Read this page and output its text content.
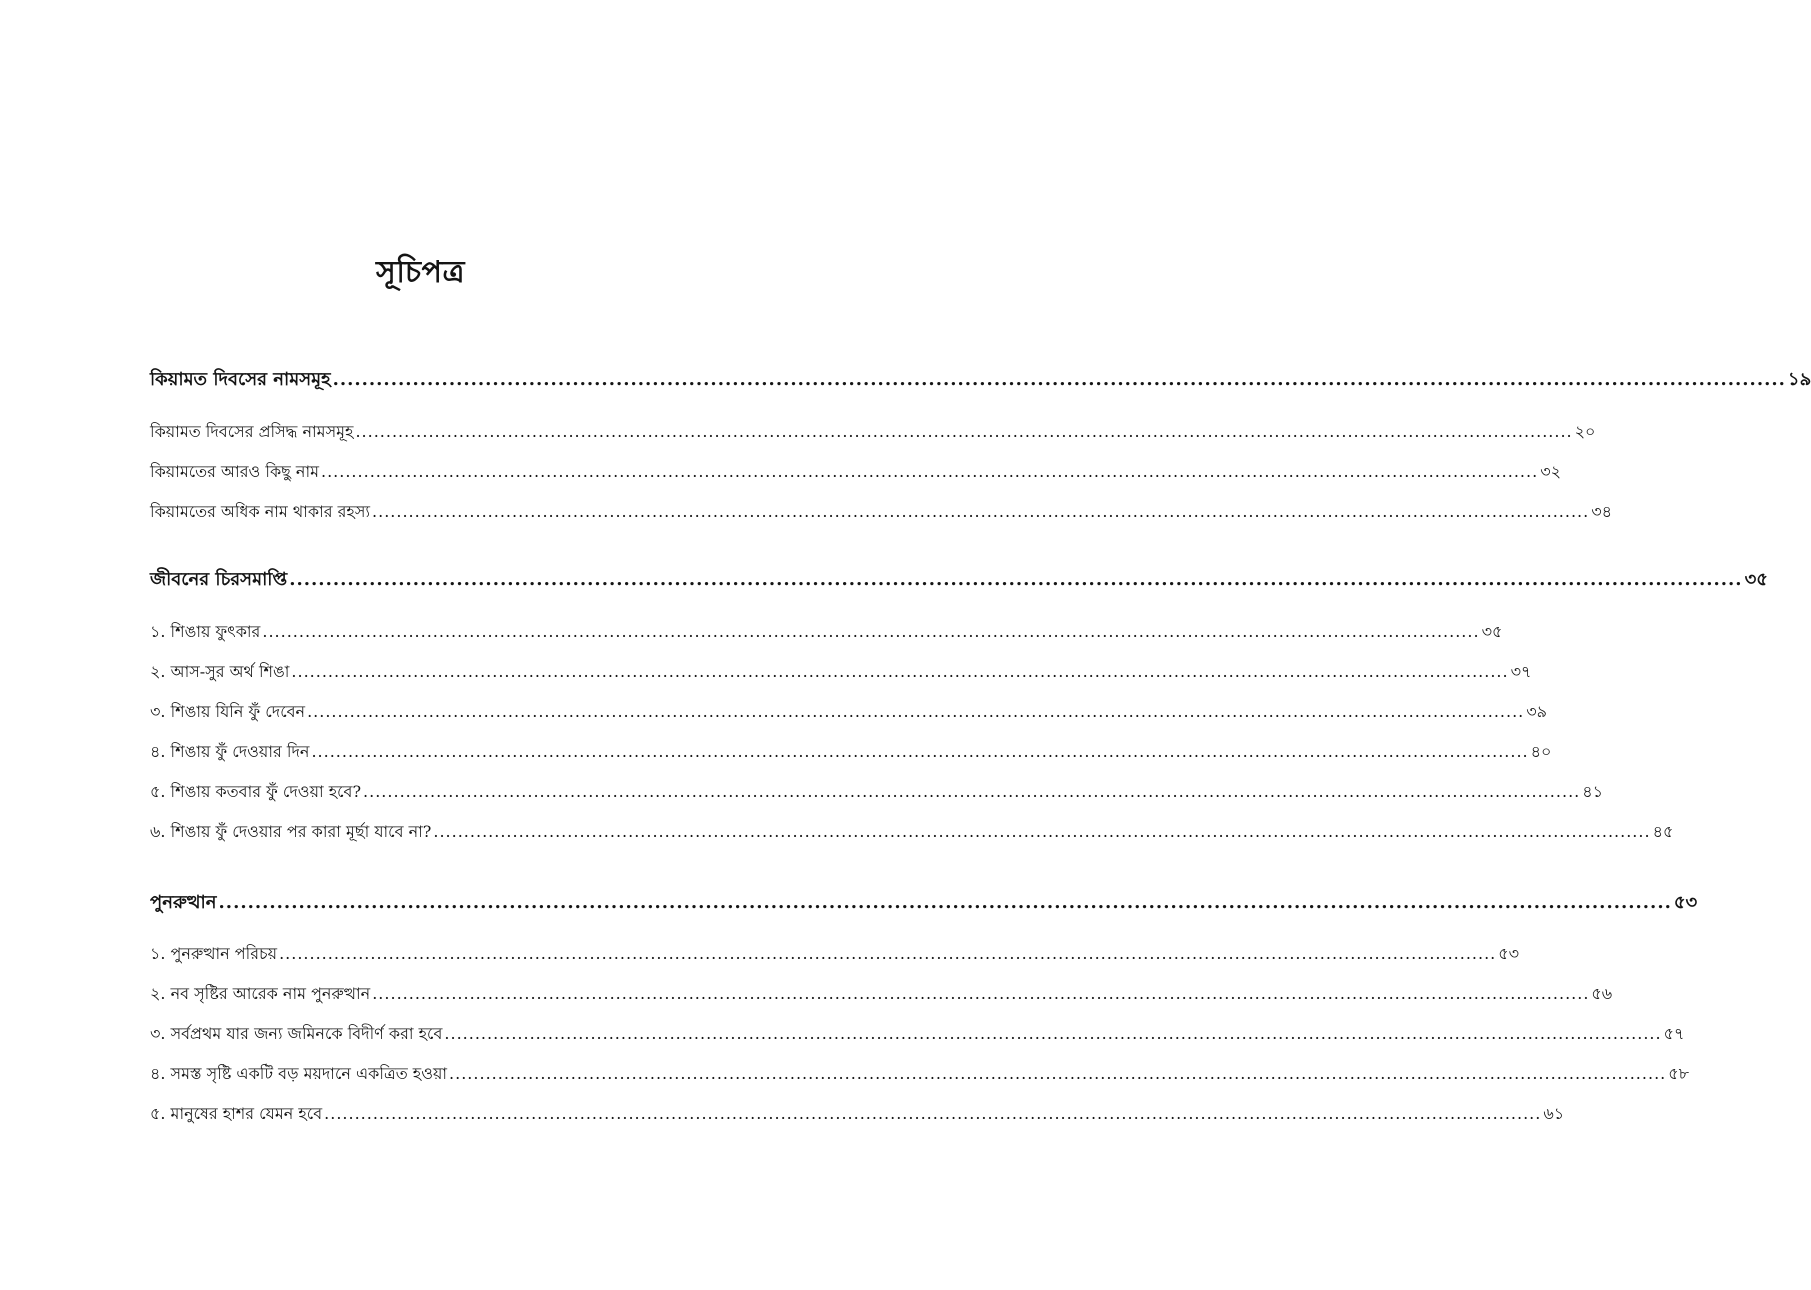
সূচিপত্র
কিয়ামত দিবসের নামসমূহ ........................................................................................................................................................................................................ ১৯
কিয়ামত দিবসের প্রসিদ্ধ নামসমূহ ........................................................................................................................................................................................................ ২০
কিয়ামতের আরও কিছু নাম ........................................................................................................................................................................................................ ৩২
কিয়ামতের অধিক নাম থাকার রহস্য ........................................................................................................................................................................................................ ৩৪
জীবনের চিরসমাপ্তি ........................................................................................................................................................................................................ ৩৫
১. শিঙায় ফুৎকার ........................................................................................................................................................................................................ ৩৫
২. আস-সুর অর্থ শিঙা ........................................................................................................................................................................................................ ৩৭
৩. শিঙায় যিনি ফুঁ দেবেন ........................................................................................................................................................................................................ ৩৯
৪. শিঙায় ফুঁ দেওয়ার দিন ........................................................................................................................................................................................................ ৪০
৫. শিঙায় কতবার ফুঁ দেওয়া হবে? ........................................................................................................................................................................................................ ৪১
৬. শিঙায় ফুঁ দেওয়ার পর কারা মূর্ছা যাবে না? ........................................................................................................................................................................................................ ৪৫
পুনরুত্থান ........................................................................................................................................................................................................ ৫৩
১. পুনরুত্থান পরিচয় ........................................................................................................................................................................................................ ৫৩
২. নব সৃষ্টির আরেক নাম পুনরুত্থান ........................................................................................................................................................................................................ ৫৬
৩. সর্বপ্রথম যার জন্য জমিনকে বিদীর্ণ করা হবে ........................................................................................................................................................................................................ ৫৭
৪. সমস্ত সৃষ্টি একটি বড় ময়দানে একত্রিত হওয়া ........................................................................................................................................................................................................ ৫৮
৫. মানুষের হাশর যেমন হবে ........................................................................................................................................................................................................ ৬১
